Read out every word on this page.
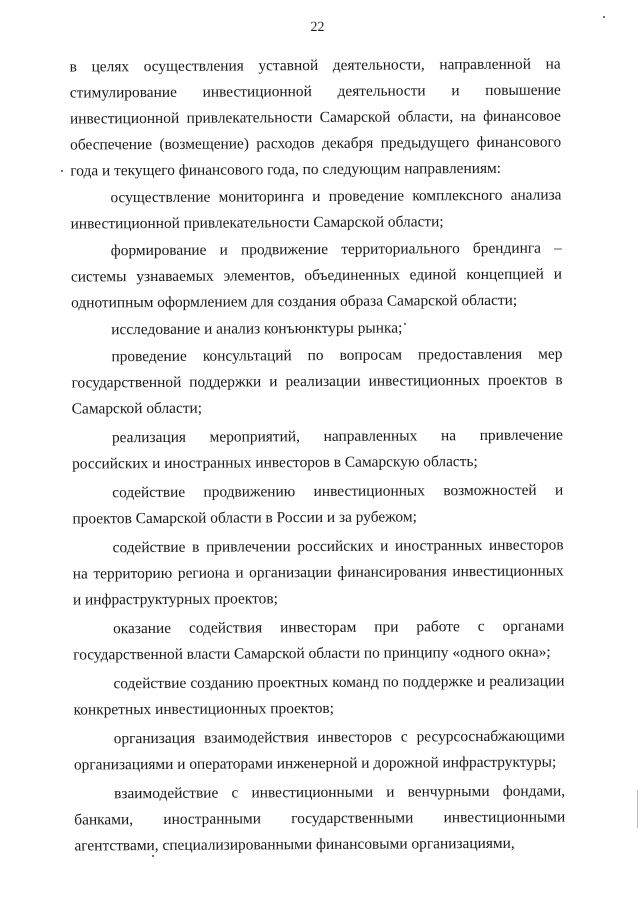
22

в целях осуществления уставной деятельности, направленной на стимулирование инвестиционной деятельности и повышение инвестиционной привлекательности Самарской области, на финансовое обеспечение (возмещение) расходов декабря предыдущего финансового года и текущего финансового года, по следующим направлениям:

осуществление мониторинга и проведение комплексного анализа инвестиционной привлекательности Самарской области;

формирование и продвижение территориального брендинга – системы узнаваемых элементов, объединенных единой концепцией и однотипным оформлением для создания образа Самарской области;

исследование и анализ конъюнктуры рынка;

проведение консультаций по вопросам предоставления мер государственной поддержки и реализации инвестиционных проектов в Самарской области;

реализация мероприятий, направленных на привлечение российских и иностранных инвесторов в Самарскую область;

содействие продвижению инвестиционных возможностей и проектов Самарской области в России и за рубежом;

содействие в привлечении российских и иностранных инвесторов на территорию региона и организации финансирования инвестиционных и инфраструктурных проектов;

оказание содействия инвесторам при работе с органами государственной власти Самарской области по принципу «одного окна»;

содействие созданию проектных команд по поддержке и реализации конкретных инвестиционных проектов;

организация взаимодействия инвесторов с ресурсоснабжающими организациями и операторами инженерной и дорожной инфраструктуры;

взаимодействие с инвестиционными и венчурными фондами, банками, иностранными государственными инвестиционными агентствами, специализированными финансовыми организациями,
